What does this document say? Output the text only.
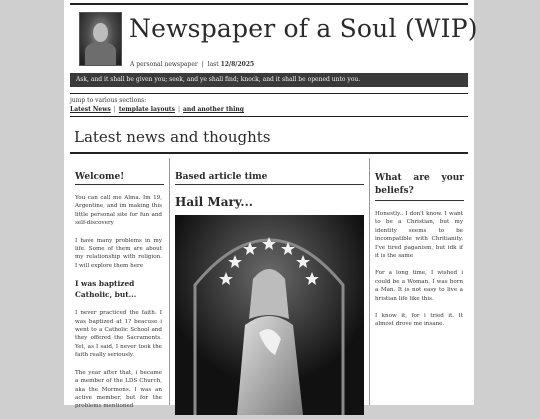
Newspaper of a Soul (WIP)
A personal newspaper | last 12/8/2025
Ask, and it shall be given you; seek, and ye shall find; knock, and it shall be opened unto you.
jump to various sections:
Latest News | template layouts | and another thing
Latest news and thoughts
Welcome!

You can call me Alma. Im 19, Argentine, and im making this little personal site for fun and self-discovery

I have many problems in my life. Some of them are about my relationship with religion. I will explore them here

I was baptized Catholic, but...

I never practiced the faith. I was baptized at 1? beacuse i went to a Catholic School and they offered the Sacraments. Yet, as I said, I never took the faith really seriously.

The year after that, i became a member of the LDS Church, aka the Mormons. I was an active member, but for the problems mentioned

Based article time
Hail Mary...
What are your beliefs?

Honestly.. I don't know. I want to be a Christian, but my identity seems to be incompatible with Chritianity. I've tired paganism, but idk if it is the same

For a long time, I wished i could be a Woman. I was born a Man. It is not easy to live a hristian life like this.

I know it, for i tried it. It almost drove me insane.
